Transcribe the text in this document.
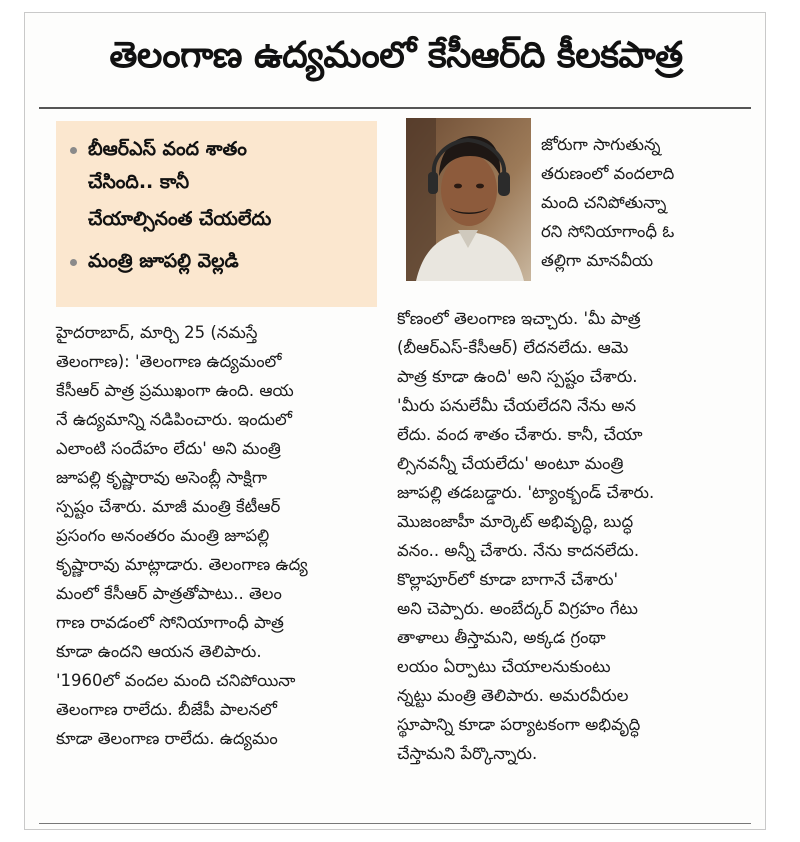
తెలంగాణ ఉద్యమంలో కేసీఆర్‌ది కీలకపాత్ర
బీఆర్‌ఎస్ వంద శాతం
చేసింది.. కానీ
చేయాల్సినంత చేయలేదు
మంత్రి జూపల్లి వెల్లడి
జోరుగా సాగుతున్న
తరుణంలో వందలాది
మంది చనిపోతున్నా
రని సోనియాగాంధీ ఓ
తల్లిగా మానవీయ
హైదరాబాద్, మార్చి 25 (నమస్తే
తెలంగాణ): 'తెలంగాణ ఉద్యమంలో
కేసీఆర్ పాత్ర ప్రముఖంగా ఉంది. ఆయ
నే ఉద్యమాన్ని నడిపించారు. ఇందులో
ఎలాంటి సందేహం లేదు' అని మంత్రి
జూపల్లి కృష్ణారావు అసెంబ్లీ సాక్షిగా
స్పష్టం చేశారు. మాజీ మంత్రి కేటీఆర్
ప్రసంగం అనంతరం మంత్రి జూపల్లి
కృష్ణారావు మాట్లాడారు. తెలంగాణ ఉద్య
మంలో కేసీఆర్ పాత్రతోపాటు.. తెలం
గాణ రావడంలో సోనియాగాంధీ పాత్ర
కూడా ఉందని ఆయన తెలిపారు.
'1960లో వందల మంది చనిపోయినా
తెలంగాణ రాలేదు. బీజేపీ పాలనలో
కూడా తెలంగాణ రాలేదు. ఉద్యమం
కోణంలో తెలంగాణ ఇచ్చారు. 'మీ పాత్ర
(బీఆర్ఎస్-కేసీఆర్) లేదనలేదు. ఆమె
పాత్ర కూడా ఉంది' అని స్పష్టం చేశారు.
'మీరు పనులేమీ చేయలేదని నేను అన
లేదు. వంద శాతం చేశారు. కానీ, చేయా
ల్సినవన్నీ చేయలేదు' అంటూ మంత్రి
జూపల్లి తడబడ్డారు. 'ట్యాంక్బండ్ చేశారు.
మొజంజాహీ మార్కెట్ అభివృద్ధి, బుద్ధ
వనం.. అన్నీ చేశారు. నేను కాదనలేదు.
కొల్లాపూర్‌లో కూడా బాగానే చేశారు'
అని చెప్పారు. అంబేద్కర్ విగ్రహం గేటు
తాళాలు తీస్తామని, అక్కడ గ్రంథా
లయం ఏర్పాటు చేయాలనుకుంటు
న్నట్టు మంత్రి తెలిపారు. అమరవీరుల
స్థూపాన్ని కూడా పర్యాటకంగా అభివృద్ధి
చేస్తామని పేర్కొన్నారు.
